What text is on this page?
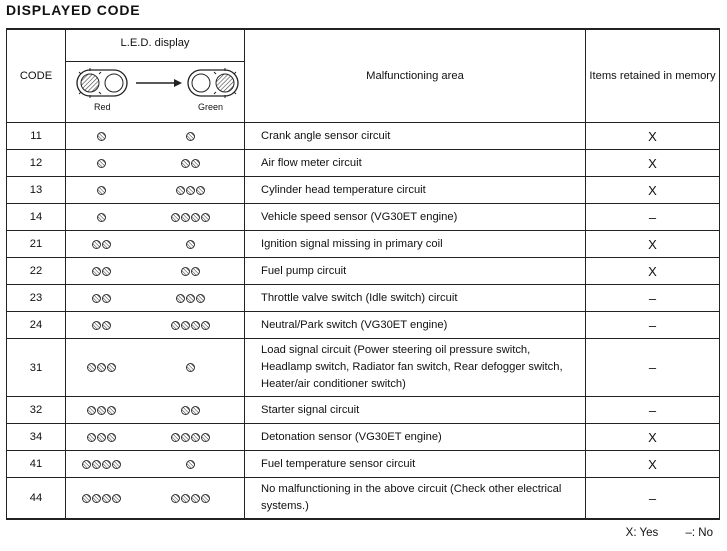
DISPLAYED CODE
CODE	L.E.D. display		Malfunctioning area	Items retained in memory

	Red Green			

11			Crank angle sensor circuit	X
12			Air flow meter circuit	X
13			Cylinder head temperature circuit	X
14			Vehicle speed sensor (VG30ET engine)	–
21			Ignition signal missing in primary coil	X
22			Fuel pump circuit	X
23			Throttle valve switch (Idle switch) circuit	–
24			Neutral/Park switch (VG30ET engine)	–
31			Load signal circuit (Power steering oil pressure switch, Headlamp switch, Radiator fan switch, Rear defogger switch, Heater/air conditioner switch)	–
32			Starter signal circuit	–
34			Detonation sensor (VG30ET engine)	X
41			Fuel temperature sensor circuit	X
44			No malfunctioning in the above circuit (Check other electrical systems.)	–
X: Yes –: No
